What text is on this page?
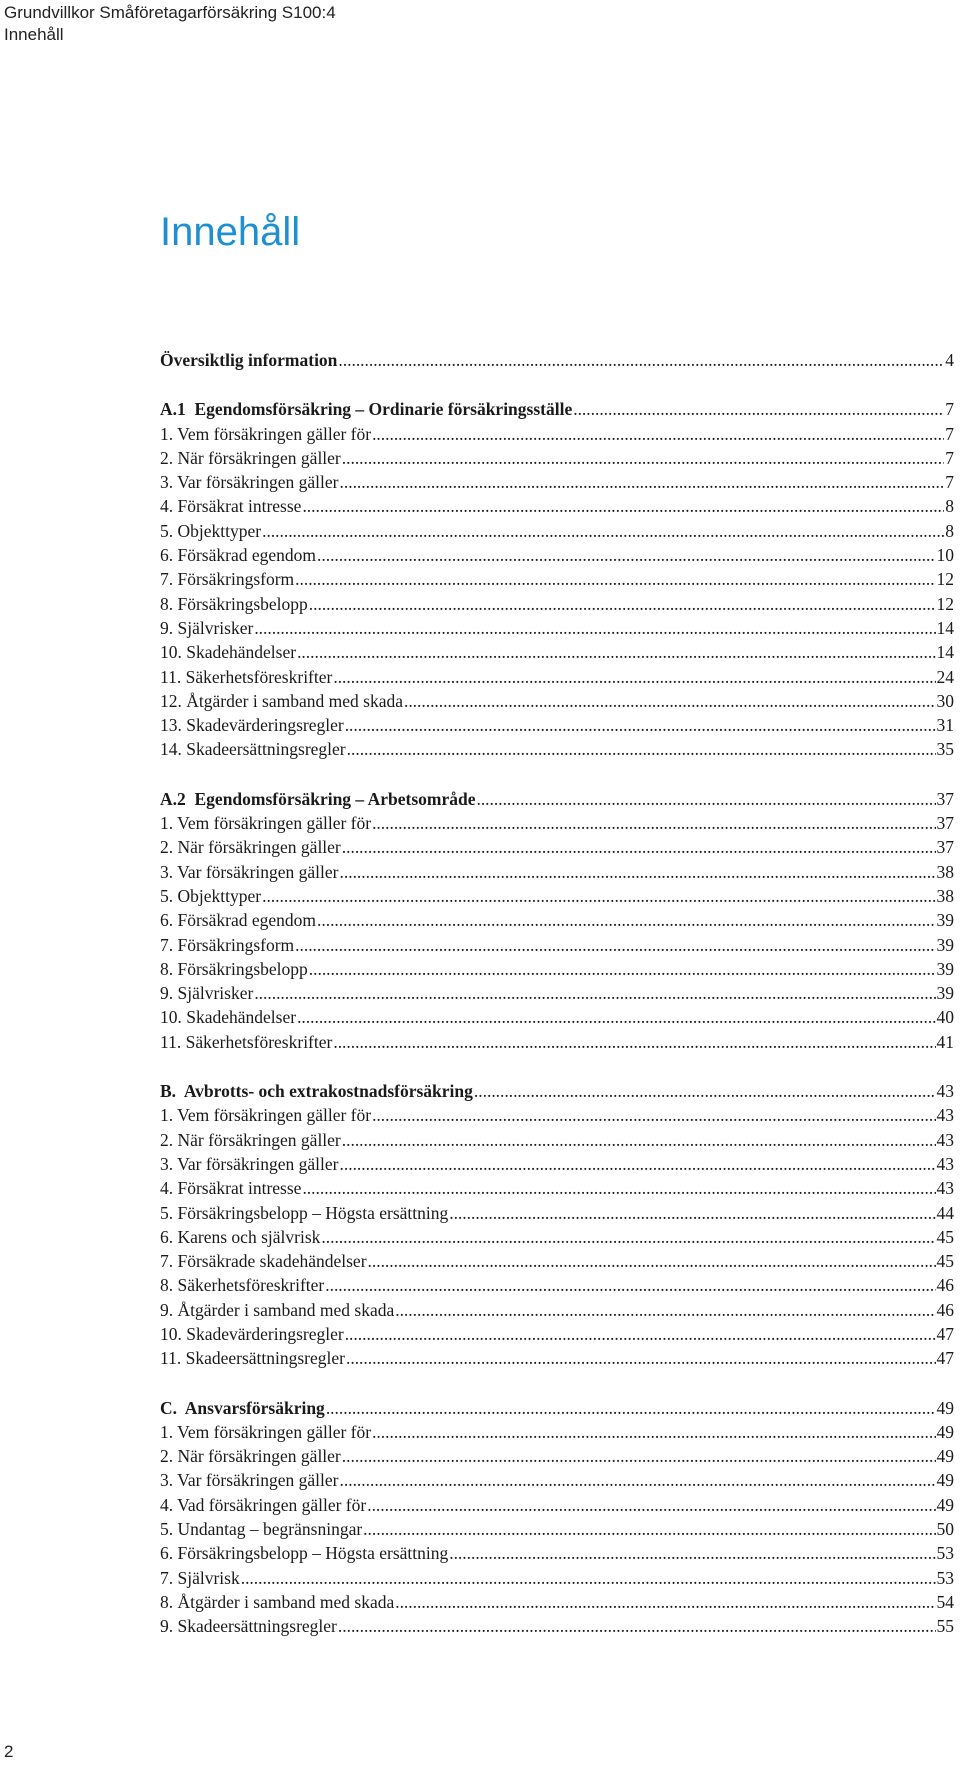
Grundvillkor Småföretagarförsäkring S100:4
Innehåll
Innehåll
Översiktlig information . . .	4
A.1  Egendomsförsäkring – Ordinarie försäkringsställe . . .	7
1. Vem försäkringen gäller för . . .	7
2. När försäkringen gäller . . .	7
3. Var försäkringen gäller . . .	7
4. Försäkrat intresse . . .	8
5. Objekttyper . . .	8
6. Försäkrad egendom . . .	10
7. Försäkringsform . . .	12
8. Försäkringsbelopp . . .	12
9. Självrisker . . .	14
10. Skadehändelser . . .	14
11. Säkerhetsföreskrifter . . .	24
12. Åtgärder i samband med skada . . .	30
13. Skadevärderingsregler . . .	31
14. Skadeersättningsregler . . .	35
A.2  Egendomsförsäkring – Arbetsområde . . .	37
1. Vem försäkringen gäller för . . .	37
2. När försäkringen gäller . . .	37
3. Var försäkringen gäller . . .	38
5. Objekttyper . . .	38
6. Försäkrad egendom . . .	39
7. Försäkringsform . . .	39
8. Försäkringsbelopp . . .	39
9. Självrisker . . .	39
10. Skadehändelser . . .	40
11. Säkerhetsföreskrifter . . .	41
B.  Avbrotts- och extrakostnadsförsäkring . . .	43
1. Vem försäkringen gäller för . . .	43
2. När försäkringen gäller . . .	43
3. Var försäkringen gäller . . .	43
4. Försäkrat intresse . . .	43
5. Försäkringsbelopp – Högsta ersättning . . .	44
6. Karens och självrisk . . .	45
7. Försäkrade skadehändelser . . .	45
8. Säkerhetsföreskrifter . . .	46
9. Åtgärder i samband med skada . . .	46
10. Skadevärderingsregler . . .	47
11. Skadeersättningsregler . . .	47
C.  Ansvarsförsäkring . . .	49
1. Vem försäkringen gäller för . . .	49
2. När försäkringen gäller . . .	49
3. Var försäkringen gäller . . .	49
4. Vad försäkringen gäller för . . .	49
5. Undantag – begränsningar . . .	50
6. Försäkringsbelopp – Högsta ersättning . . .	53
7. Självrisk . . .	53
8. Åtgärder i samband med skada . . .	54
9. Skadeersättningsregler . . .	55
2
